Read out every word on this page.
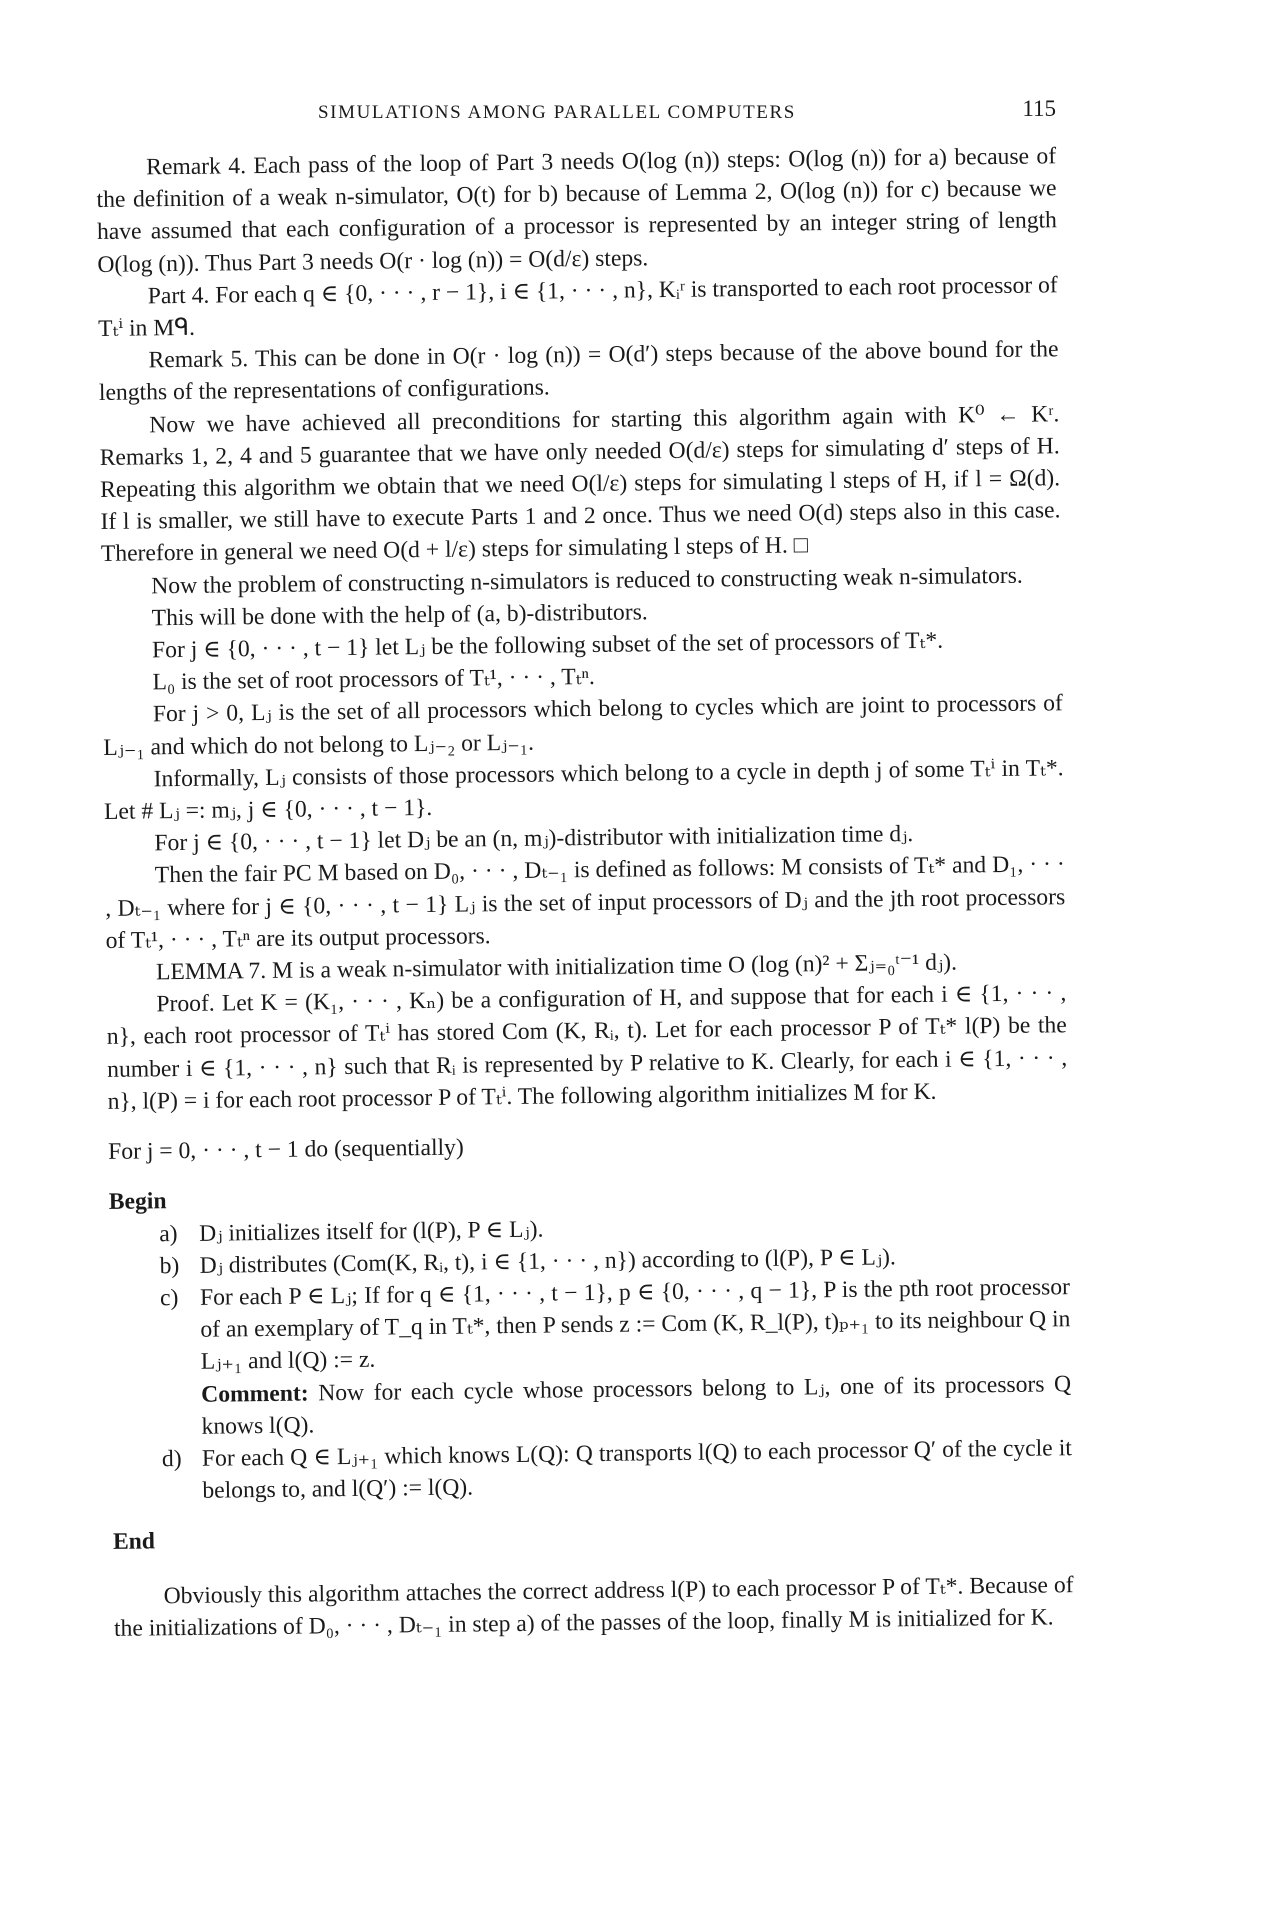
SIMULATIONS AMONG PARALLEL COMPUTERS	115

Remark 4. Each pass of the loop of Part 3 needs O(log (n)) steps: O(log (n)) for a) because of the definition of a weak n-simulator, O(t) for b) because of Lemma 2, O(log (n)) for c) because we have assumed that each configuration of a processor is represented by an integer string of length O(log (n)). Thus Part 3 needs O(r · log (n)) = O(d/ε) steps.

Part 4. For each q ∈ {0, · · · , r − 1}, i ∈ {1, · · · , n}, Kᵢʳ is transported to each root processor of Tₜⁱ in Mᑫ.

Remark 5. This can be done in O(r · log (n)) = O(d′) steps because of the above bound for the lengths of the representations of configurations.

Now we have achieved all preconditions for starting this algorithm again with K⁰ ← Kʳ. Remarks 1, 2, 4 and 5 guarantee that we have only needed O(d/ε) steps for simulating d′ steps of H. Repeating this algorithm we obtain that we need O(l/ε) steps for simulating l steps of H, if l = Ω(d). If l is smaller, we still have to execute Parts 1 and 2 once. Thus we need O(d) steps also in this case. Therefore in general we need O(d + l/ε) steps for simulating l steps of H. □

Now the problem of constructing n-simulators is reduced to constructing weak n-simulators.

This will be done with the help of (a, b)-distributors.

For j ∈ {0, · · · , t − 1} let Lⱼ be the following subset of the set of processors of Tₜ*.

L₀ is the set of root processors of Tₜ¹, · · · , Tₜⁿ.

For j > 0, Lⱼ is the set of all processors which belong to cycles which are joint to processors of Lⱼ₋₁ and which do not belong to Lⱼ₋₂ or Lⱼ₋₁.

Informally, Lⱼ consists of those processors which belong to a cycle in depth j of some Tₜⁱ in Tₜ*. Let # Lⱼ =: mⱼ, j ∈ {0, · · · , t − 1}.

For j ∈ {0, · · · , t − 1} let Dⱼ be an (n, mⱼ)-distributor with initialization time dⱼ.

Then the fair PC M based on D₀, · · · , Dₜ₋₁ is defined as follows: M consists of Tₜ* and D₁, · · · , Dₜ₋₁ where for j ∈ {0, · · · , t − 1} Lⱼ is the set of input processors of Dⱼ and the jth root processors of Tₜ¹, · · · , Tₜⁿ are its output processors.

LEMMA 7. M is a weak n-simulator with initialization time O (log (n)² + Σⱼ₌₀ᵗ⁻¹ dⱼ).

Proof. Let K = (K₁, · · · , Kₙ) be a configuration of H, and suppose that for each i ∈ {1, · · · , n}, each root processor of Tₜⁱ has stored Com (K, Rᵢ, t). Let for each processor P of Tₜ* l(P) be the number i ∈ {1, · · · , n} such that Rᵢ is represented by P relative to K. Clearly, for each i ∈ {1, · · · , n}, l(P) = i for each root processor P of Tₜⁱ. The following algorithm initializes M for K.

For j = 0, · · · , t − 1 do (sequentially)

Begin

a) Dⱼ initializes itself for (l(P), P ∈ Lⱼ).
b) Dⱼ distributes (Com(K, Rᵢ, t), i ∈ {1, · · · , n}) according to (l(P), P ∈ Lⱼ).
c) For each P ∈ Lⱼ; If for q ∈ {1, · · · , t − 1}, p ∈ {0, · · · , q − 1}, P is the pth root processor of an exemplary of T_q in Tₜ*, then P sends z := Com (K, R_l(P), t)ₚ₊₁ to its neighbour Q in Lⱼ₊₁ and l(Q) := z.
Comment: Now for each cycle whose processors belong to Lⱼ, one of its processors Q knows l(Q).
d) For each Q ∈ Lⱼ₊₁ which knows L(Q): Q transports l(Q) to each processor Q′ of the cycle it belongs to, and l(Q′) := l(Q).

End

Obviously this algorithm attaches the correct address l(P) to each processor P of Tₜ*. Because of the initializations of D₀, · · · , Dₜ₋₁ in step a) of the passes of the loop, finally M is initialized for K.
